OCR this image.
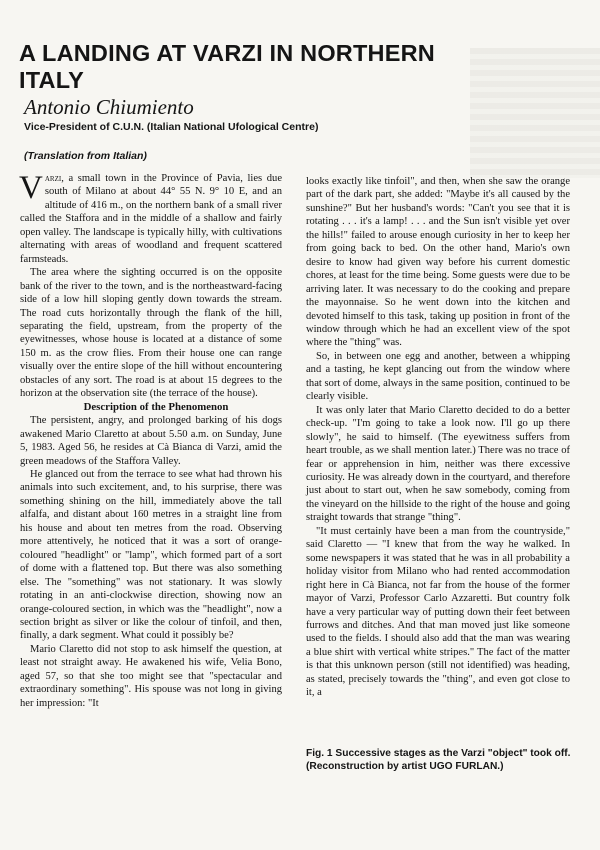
A LANDING AT VARZI IN NORTHERN ITALY

Antonio Chiumiento

Vice-President of C.U.N. (Italian National Ufological Centre)

(Translation from Italian)

Varzi, a small town in the Province of Pavia, lies due south of Milano at about 44° 55 N. 9° 10 E, and an altitude of 416 m., on the northern bank of a small river called the Staffora and in the middle of a shallow and fairly open valley. The landscape is typically hilly, with cultivations alternating with areas of woodland and frequent scattered farmsteads.

The area where the sighting occurred is on the opposite bank of the river to the town, and is the northeastward-facing side of a low hill sloping gently down towards the stream. The road cuts horizontally through the flank of the hill, separating the field, upstream, from the property of the eyewitnesses, whose house is located at a distance of some 150 m. as the crow flies. From their house one can range visually over the entire slope of the hill without encountering obstacles of any sort. The road is at about 15 degrees to the horizon at the observation site (the terrace of the house).

Description of the Phenomenon

The persistent, angry, and prolonged barking of his dogs awakened Mario Claretto at about 5.50 a.m. on Sunday, June 5, 1983. Aged 56, he resides at Cà Bianca di Varzi, amid the green meadows of the Staffora Valley.

He glanced out from the terrace to see what had thrown his animals into such excitement, and, to his surprise, there was something shining on the hill, immediately above the tall alfalfa, and distant about 160 metres in a straight line from his house and about ten metres from the road. Observing more attentively, he noticed that it was a sort of orange-coloured "headlight" or "lamp", which formed part of a sort of dome with a flattened top. But there was also something else. The "something" was not stationary. It was slowly rotating in an anti-clockwise direction, showing now an orange-coloured section, in which was the "headlight", now a section bright as silver or like the colour of tinfoil, and then, finally, a dark segment. What could it possibly be?

Mario Claretto did not stop to ask himself the question, at least not straight away. He awakened his wife, Velia Bono, aged 57, so that she too might see that "spectacular and extraordinary something". His spouse was not long in giving her impression: "It

looks exactly like tinfoil", and then, when she saw the orange part of the dark part, she added: "Maybe it's all caused by the sunshine?" But her husband's words: "Can't you see that it is rotating . . . it's a lamp! . . . and the Sun isn't visible yet over the hills!" failed to arouse enough curiosity in her to keep her from going back to bed. On the other hand, Mario's own desire to know had given way before his current domestic chores, at least for the time being. Some guests were due to be arriving later. It was necessary to do the cooking and prepare the mayonnaise. So he went down into the kitchen and devoted himself to this task, taking up position in front of the window through which he had an excellent view of the spot where the "thing" was.

So, in between one egg and another, between a whipping and a tasting, he kept glancing out from the window where that sort of dome, always in the same position, continued to be clearly visible.

It was only later that Mario Claretto decided to do a better check-up. "I'm going to take a look now. I'll go up there slowly", he said to himself. (The eyewitness suffers from heart trouble, as we shall mention later.) There was no trace of fear or apprehension in him, neither was there excessive curiosity. He was already down in the courtyard, and therefore just about to start out, when he saw somebody, coming from the vineyard on the hillside to the right of the house and going straight towards that strange "thing".

"It must certainly have been a man from the countryside," said Claretto — "I knew that from the way he walked. In some newspapers it was stated that he was in all probability a holiday visitor from Milano who had rented accommodation right here in Cà Bianca, not far from the house of the former mayor of Varzi, Professor Carlo Azzaretti. But country folk have a very particular way of putting down their feet between furrows and ditches. And that man moved just like someone used to the fields. I should also add that the man was wearing a blue shirt with vertical white stripes." The fact of the matter is that this unknown person (still not identified) was heading, as stated, precisely towards the "thing", and even got close to it, a

Fig. 1 Successive stages as the Varzi "object" took off. (Reconstruction by artist UGO FURLAN.)
